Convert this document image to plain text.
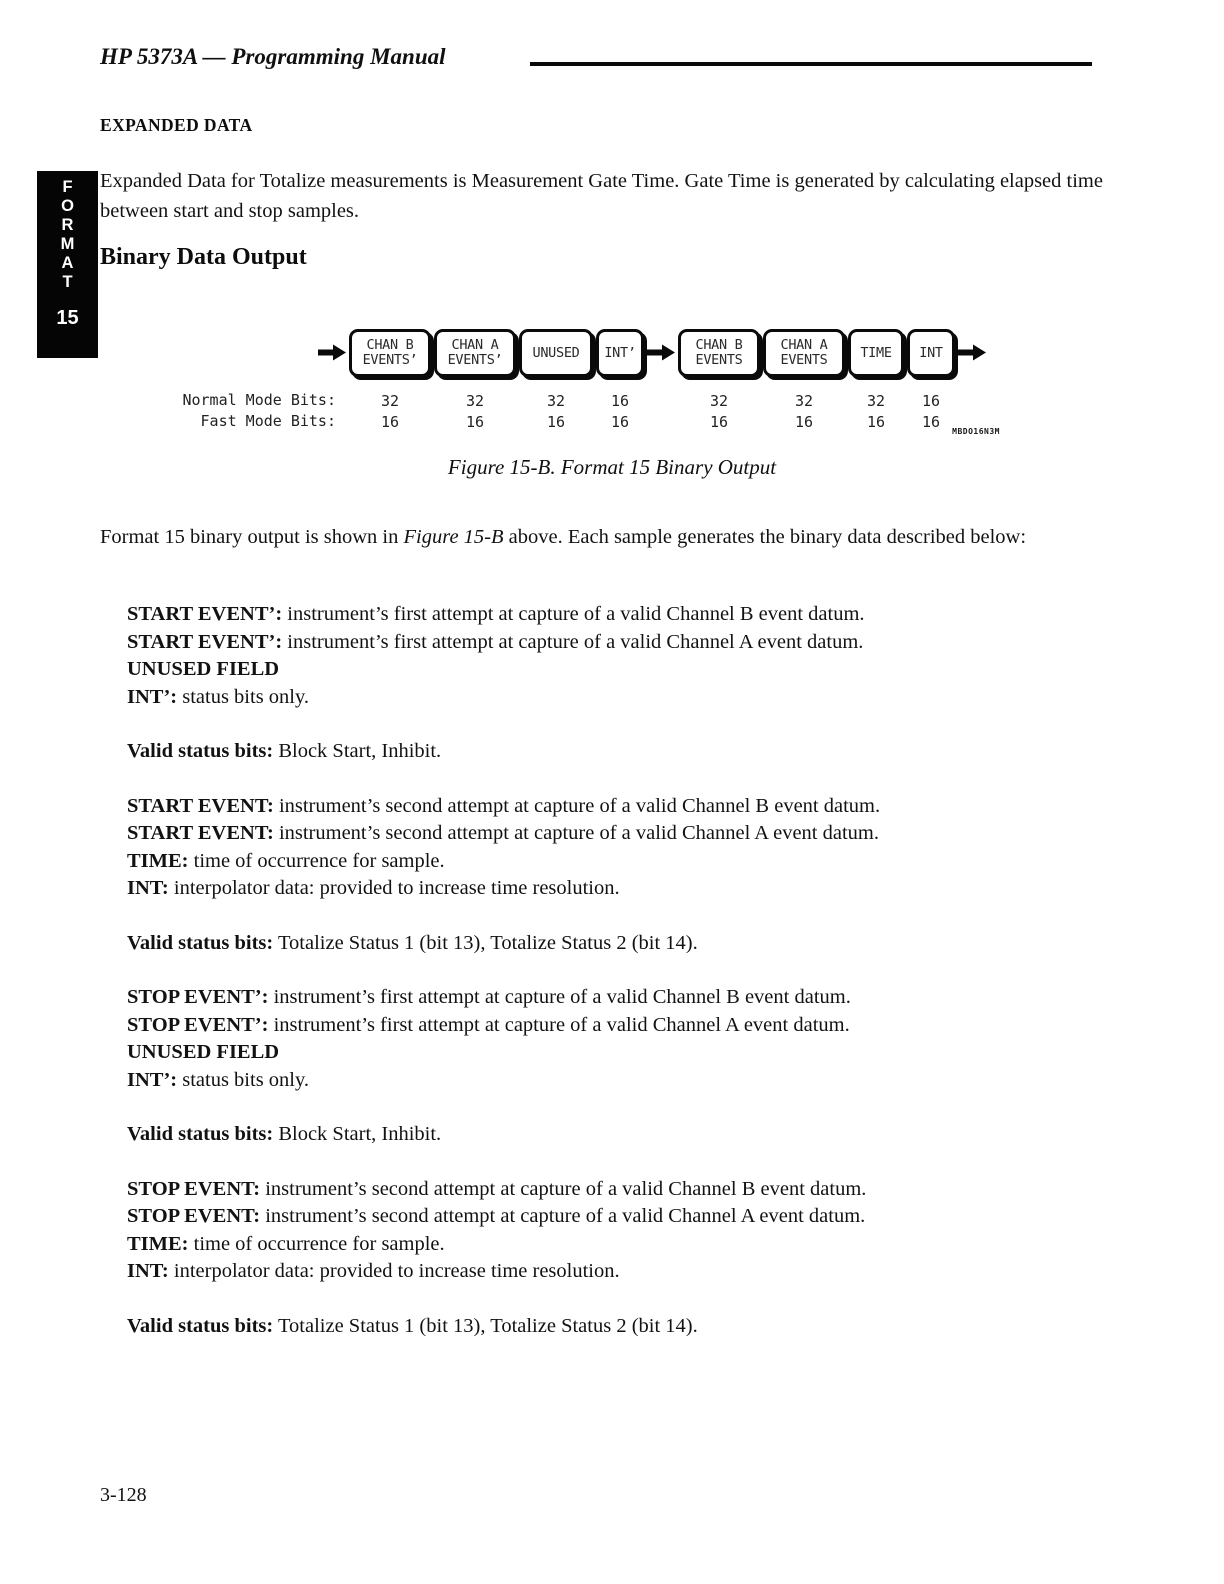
HP 5373A — Programming Manual
EXPANDED DATA
F
O
R
M
A
T
15
Expanded Data for Totalize measurements is Measurement Gate Time. Gate Time is generated by calculating elapsed time between start and stop samples.
Binary Data Output
Normal Mode Bits:
Fast Mode Bits:
CHAN B
EVENTS’
32
16
CHAN A
EVENTS’
32
16
UNUSED
32
16
INT’
16
16
CHAN B
EVENTS
32
16
CHAN A
EVENTS
32
16
TIME
32
16
INT
16
16
MBDO16N3M
Figure 15-B. Format 15 Binary Output
Format 15 binary output is shown in Figure 15-B above. Each sample generates the binary data described below:
START EVENT’: instrument’s first attempt at capture of a valid Channel B event datum.
START EVENT’: instrument’s first attempt at capture of a valid Channel A event datum.
UNUSED FIELD
INT’: status bits only.
Valid status bits: Block Start, Inhibit.
START EVENT: instrument’s second attempt at capture of a valid Channel B event datum.
START EVENT: instrument’s second attempt at capture of a valid Channel A event datum.
TIME: time of occurrence for sample.
INT: interpolator data: provided to increase time resolution.
Valid status bits: Totalize Status 1 (bit 13), Totalize Status 2 (bit 14).
STOP EVENT’: instrument’s first attempt at capture of a valid Channel B event datum.
STOP EVENT’: instrument’s first attempt at capture of a valid Channel A event datum.
UNUSED FIELD
INT’: status bits only.
Valid status bits: Block Start, Inhibit.
STOP EVENT: instrument’s second attempt at capture of a valid Channel B event datum.
STOP EVENT: instrument’s second attempt at capture of a valid Channel A event datum.
TIME: time of occurrence for sample.
INT: interpolator data: provided to increase time resolution.
Valid status bits: Totalize Status 1 (bit 13), Totalize Status 2 (bit 14).
3-128
